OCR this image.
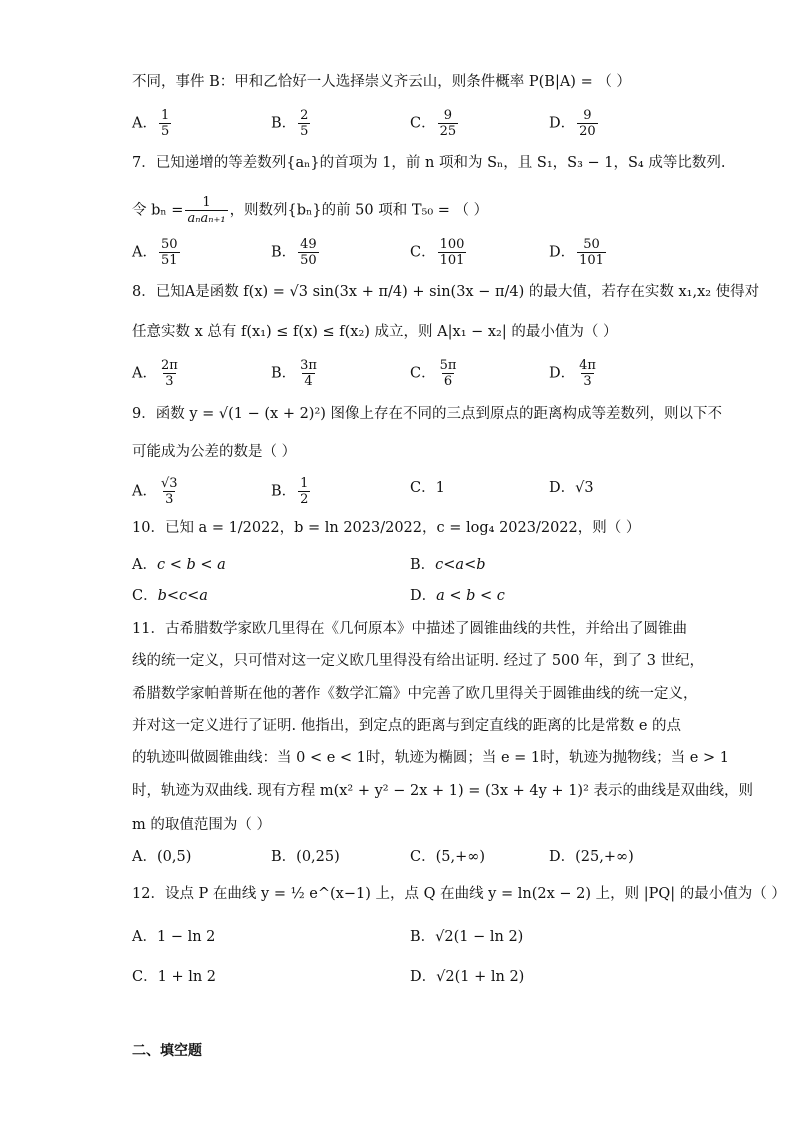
不同，事件 B：甲和乙恰好一人选择崇义齐云山，则条件概率 P(B|A) = （ ）
A． $\frac{1}{5}$	B． $\frac{2}{5}$	C． $\frac{9}{25}$	D． $\frac{9}{20}$
7．已知递增的等差数列{aₙ}的首项为 1，前 n 项和为 Sₙ，且 S₁，S₃ − 1，S₄ 成等比数列.
令 $b_n = \frac{1}{\text{aₙaₙ₊₁}}$ ，则数列{bₙ}的前 50 项和 T₅₀ = （ ）
A． $\frac{50}{51}$	B． $\frac{49}{50}$	C． $\frac{100}{101}$	D． $\frac{50}{101}$
8．已知A是函数 f(x) = √3 sin(3x + π/4) + sin(3x − π/4) 的最大值，若存在实数 x₁,x₂ 使得对
任意实数 x 总有 f(x₁) ≤ f(x) ≤ f(x₂) 成立，则 A|x₁ − x₂| 的最小值为（ ）
A． $\frac{2\pi}{3}$	B． $\frac{3\pi}{4}$	C． $\frac{5\pi}{6}$	D． $\frac{4\pi}{3}$
9．函数 y = √(1 − (x + 2)²) 图像上存在不同的三点到原点的距离构成等差数列，则以下不
可能成为公差的数是（ ）
A． $\frac{√3}{3}$	B． $\frac{1}{2}$	C．1	D．√3
10．已知 a = 1/2022，b = ln 2023/2022，c = log₄ 2023/2022，则（ ）
A．c < b < a	B．c<a<b
C．b<c<a	D．a < b < c
11．古希腊数学家欧几里得在《几何原本》中描述了圆锥曲线的共性，并给出了圆锥曲
线的统一定义，只可惜对这一定义欧几里得没有给出证明. 经过了 500 年，到了 3 世纪，
希腊数学家帕普斯在他的著作《数学汇篇》中完善了欧几里得关于圆锥曲线的统一定义，
并对这一定义进行了证明. 他指出，到定点的距离与到定直线的距离的比是常数 e 的点
的轨迹叫做圆锥曲线：当 0 < e < 1时，轨迹为椭圆；当 e = 1时，轨迹为抛物线；当 e > 1
时，轨迹为双曲线. 现有方程 m(x² + y² − 2x + 1) = (3x + 4y + 1)² 表示的曲线是双曲线，则
m 的取值范围为（ ）
A．(0,5)	B．(0,25)	C．(5,+∞)	D．(25,+∞)
12．设点 P 在曲线 y = ½ e^(x−1) 上，点 Q 在曲线 y = ln(2x − 2) 上，则 |PQ| 的最小值为（ ）
A．1 − ln 2	B．√2(1 − ln 2)
C．1 + ln 2	D．√2(1 + ln 2)
二、填空题
